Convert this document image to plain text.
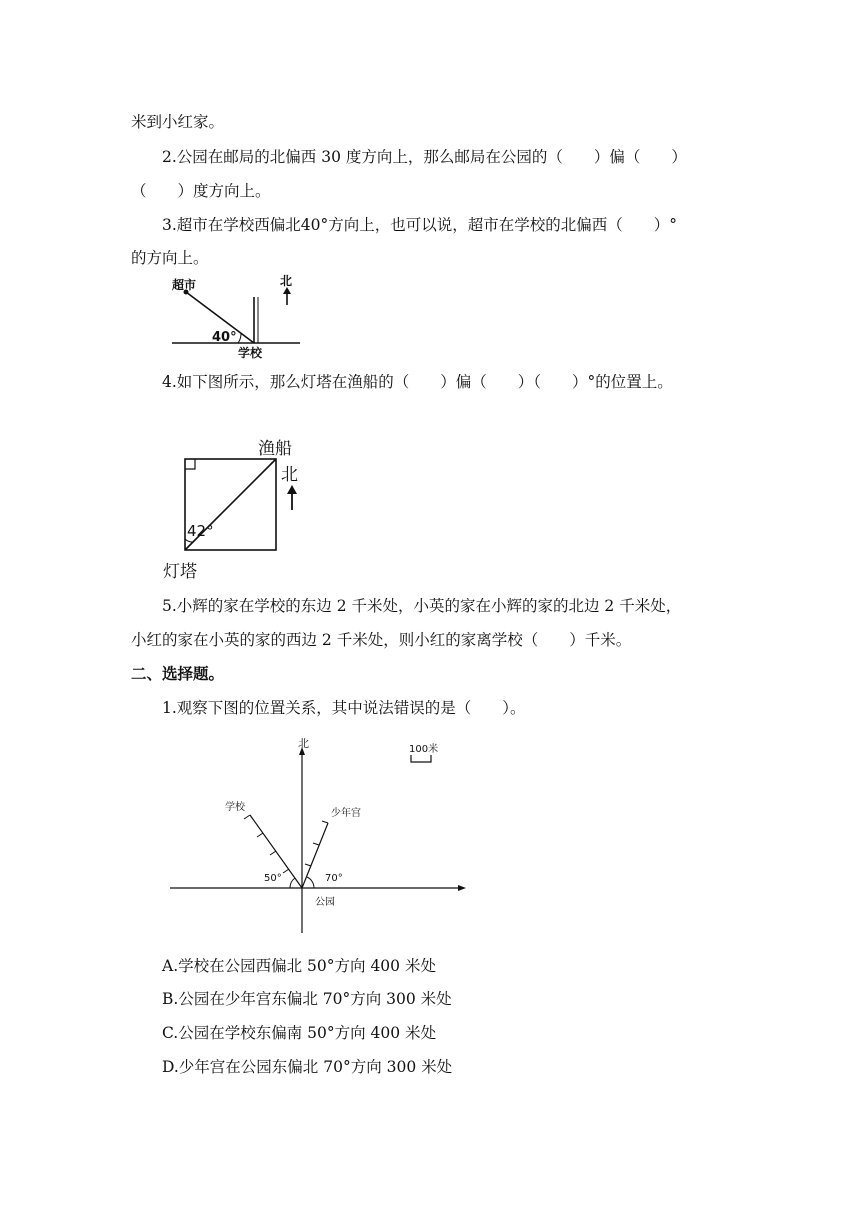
米到小红家。
2.公园在邮局的北偏西 30 度方向上，那么邮局在公园的（　　）偏（　　）
（　　）度方向上。
3.超市在学校西偏北40°方向上，也可以说，超市在学校的北偏西（　　）°
的方向上。
超市	北
40°
学校
4.如下图所示，那么灯塔在渔船的（　　）偏（　　）（　　）°的位置上。
渔船
北
42°
灯塔
5.小辉的家在学校的东边 2 千米处，小英的家在小辉的家的北边 2 千米处，
小红的家在小英的家的西边 2 千米处，则小红的家离学校（　　）千米。
二、选择题。
1.观察下图的位置关系，其中说法错误的是（　　）。
北	100米
学校
少年宫
50°	70°
公园
A.学校在公园西偏北 50°方向 400 米处
B.公园在少年宫东偏北 70°方向 300 米处
C.公园在学校东偏南 50°方向 400 米处
D.少年宫在公园东偏北 70°方向 300 米处
